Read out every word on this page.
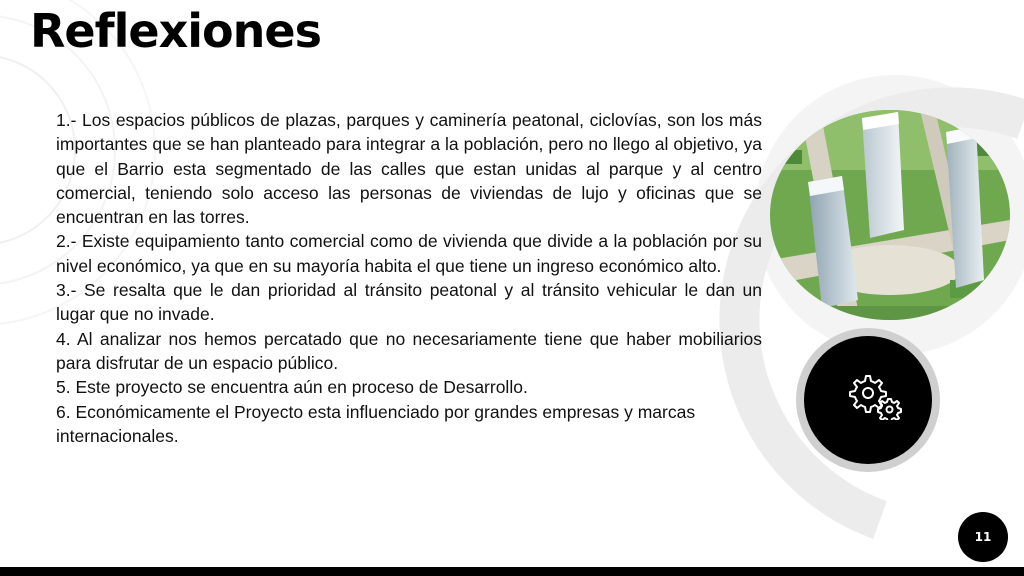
Reflexiones

1.- Los espacios públicos de plazas, parques y caminería peatonal, ciclovías, son los más importantes que se han planteado para integrar a la población, pero no llego al objetivo, ya que el Barrio esta segmentado de las calles que estan unidas al parque y al centro comercial, teniendo solo acceso las personas de viviendas de lujo y oficinas que se encuentran en las torres.

2.- Existe equipamiento tanto comercial como de vivienda que divide a la población por su nivel económico, ya que en su mayoría habita el que tiene un ingreso económico alto.

3.- Se resalta que le dan prioridad al tránsito peatonal y al tránsito vehicular le dan un lugar que no invade.

4. Al analizar nos hemos percatado que no necesariamente tiene que haber mobiliarios para disfrutar de un espacio público.

5. Este proyecto se encuentra aún en proceso de Desarrollo.

6. Económicamente el Proyecto esta influenciado por grandes empresas y marcas internacionales.

11
